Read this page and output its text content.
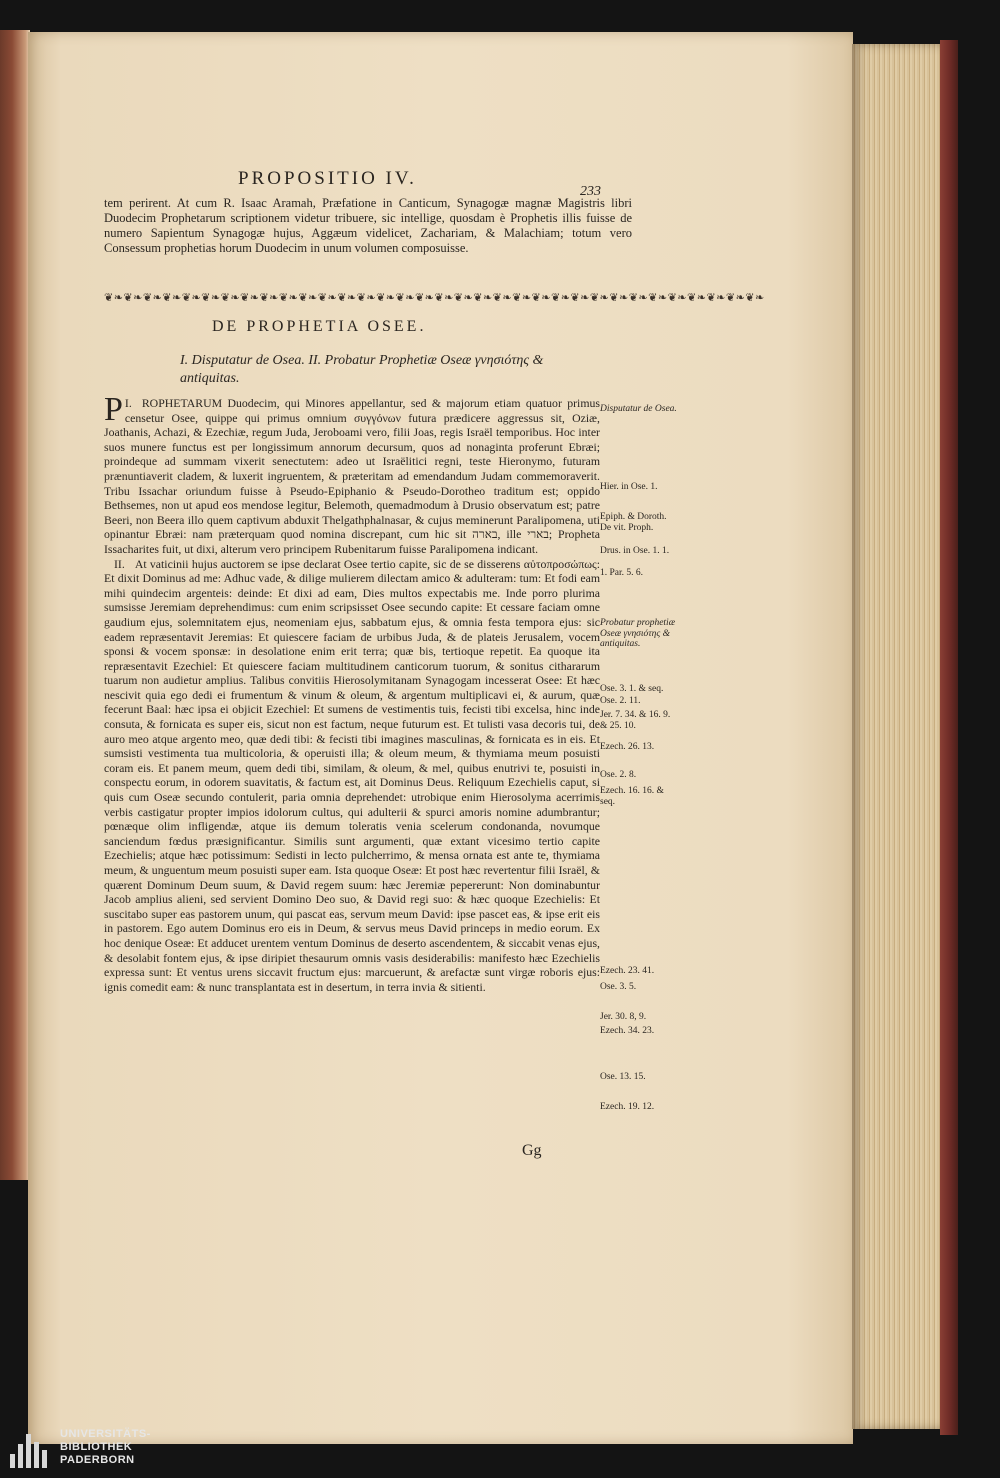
PROPOSITIO IV.
233
tem perirent. At cum R. Isaac Aramah, Præfatione in Canticum, Synagogæ magnæ Magistris libri Duodecim Prophetarum scriptionem videtur tribuere, sic intellige, quosdam è Prophetis illis fuisse de numero Sapientum Synagogæ hujus, Aggæum videlicet, Zachariam, & Malachiam; totum vero Consessum prophetias horum Duodecim in unum volumen composuisse.
❦❧❦❧❦❧❦❧❦❧❦❧❦❧❦❧❦❧❦❧❦❧❦❧❦❧❦❧❦❧❦❧❦❧❦❧❦❧❦❧❦❧❦❧❦❧❦❧❦❧❦❧❦❧❦❧❦❧❦❧❦❧❦❧❦❧❦❧
DE PROPHETIA OSEE.
I. Disputatur de Osea. II. Probatur Prophetiæ Oseæ γνησιότης & antiquitas.

I.
P ROPHETARUM Duodecim, qui Minores appellantur, sed & majorum etiam quatuor primus censetur Osee, quippe qui primus omnium συγγόνων futura prædicere aggressus sit, Oziæ, Joathanis, Achazi, & Ezechiæ, regum Juda, Jeroboami vero, filii Joas, regis Israël temporibus. Hoc inter suos munere functus est per longissimum annorum decursum, quos ad nonaginta proferunt Ebræi; proindeque ad summam vixerit senectutem: adeo ut Israëlitici regni, teste Hieronymo, futuram prænuntiaverit cladem, & luxerit ingruentem, & præteritam ad emendandum Judam commemoraverit. Tribu Issachar oriundum fuisse à Pseudo-Epiphanio & Pseudo-Dorotheo traditum est; oppido Bethsemes, non ut apud eos mendose legitur, Belemoth, quemadmodum à Drusio observatum est; patre Beeri, non Beera illo quem captivum abduxit Thelgathphalnasar, & cujus meminerunt Paralipomena, uti opinantur Ebræi: nam præterquam quod nomina discrepant, cum hic sit בארה, ille בארי; Propheta Issacharites fuit, ut dixi, alterum vero principem Rubenitarum fuisse Paralipomena indicant.

II. At vaticinii hujus auctorem se ipse declarat Osee tertio capite, sic de se disserens αὐτοπροσώπως: Et dixit Dominus ad me: Adhuc vade, & dilige mulierem dilectam amico & adulteram: tum: Et fodi eam mihi quindecim argenteis: deinde: Et dixi ad eam, Dies multos expectabis me. Inde porro plurima sumsisse Jeremiam deprehendimus: cum enim scripsisset Osee secundo capite: Et cessare faciam omne gaudium ejus, solemnitatem ejus, neomeniam ejus, sabbatum ejus, & omnia festa tempora ejus: sic eadem repræsentavit Jeremias: Et quiescere faciam de urbibus Juda, & de plateis Jerusalem, vocem sponsi & vocem sponsæ: in desolatione enim erit terra; quæ bis, tertioque repetit. Ea quoque ita repræsentavit Ezechiel: Et quiescere faciam multitudinem canticorum tuorum, & sonitus cithararum tuarum non audietur amplius. Talibus convitiis Hierosolymitanam Synagogam incesserat Osee: Et hæc nescivit quia ego dedi ei frumentum & vinum & oleum, & argentum multiplicavi ei, & aurum, quæ fecerunt Baal: hæc ipsa ei objicit Ezechiel: Et sumens de vestimentis tuis, fecisti tibi excelsa, hinc inde consuta, & fornicata es super eis, sicut non est factum, neque futurum est. Et tulisti vasa decoris tui, de auro meo atque argento meo, quæ dedi tibi: & fecisti tibi imagines masculinas, & fornicata es in eis. Et sumsisti vestimenta tua multicoloria, & operuisti illa; & oleum meum, & thymiama meum posuisti coram eis. Et panem meum, quem dedi tibi, similam, & oleum, & mel, quibus enutrivi te, posuisti in conspectu eorum, in odorem suavitatis, & factum est, ait Dominus Deus. Reliquum Ezechielis caput, si quis cum Oseæ secundo contulerit, paria omnia deprehendet: utrobique enim Hierosolyma acerrimis verbis castigatur propter impios idolorum cultus, qui adulterii & spurci amoris nomine adumbrantur; pœnæque olim infligendæ, atque iis demum toleratis venia scelerum condonanda, novumque sanciendum fœdus præsignificantur. Similis sunt argumenti, quæ extant vicesimo tertio capite Ezechielis; atque hæc potissimum: Sedisti in lecto pulcherrimo, & mensa ornata est ante te, thymiama meum, & unguentum meum posuisti super eam. Ista quoque Oseæ: Et post hæc revertentur filii Israël, & quærent Dominum Deum suum, & David regem suum: hæc Jeremiæ pepererunt: Non dominabuntur Jacob amplius alieni, sed servient Domino Deo suo, & David regi suo: & hæc quoque Ezechielis: Et suscitabo super eas pastorem unum, qui pascat eas, servum meum David: ipse pascet eas, & ipse erit eis in pastorem. Ego autem Dominus ero eis in Deum, & servus meus David princeps in medio eorum. Ex hoc denique Oseæ: Et adducet urentem ventum Dominus de deserto ascendentem, & siccabit venas ejus, & desolabit fontem ejus, & ipse diripiet thesaurum omnis vasis desiderabilis: manifesto hæc Ezechielis expressa sunt: Et ventus urens siccavit fructum ejus: marcuerunt, & arefactæ sunt virgæ roboris ejus: ignis comedit eam: & nunc transplantata est in desertum, in terra invia & sitienti.

Disputatur de Osea.
Hier. in Ose. 1.
Epiph. & Doroth. De vit. Proph.
Drus. in Ose. 1. 1.
1. Par. 5. 6.
Probatur prophetiæ Oseæ γνησιότης & antiquitas.
Ose. 3. 1. & seq.
Ose. 2. 11.
Jer. 7. 34. & 16. 9. & 25. 10.
Ezech. 26. 13.
Ose. 2. 8.
Ezech. 16. 16. & seq.
Ezech. 23. 41.
Ose. 3. 5.
Jer. 30. 8, 9.
Ezech. 34. 23.
Ose. 13. 15.
Ezech. 19. 12.
Gg
UNIVERSITÄTS-
BIBLIOTHEK
PADERBORN
